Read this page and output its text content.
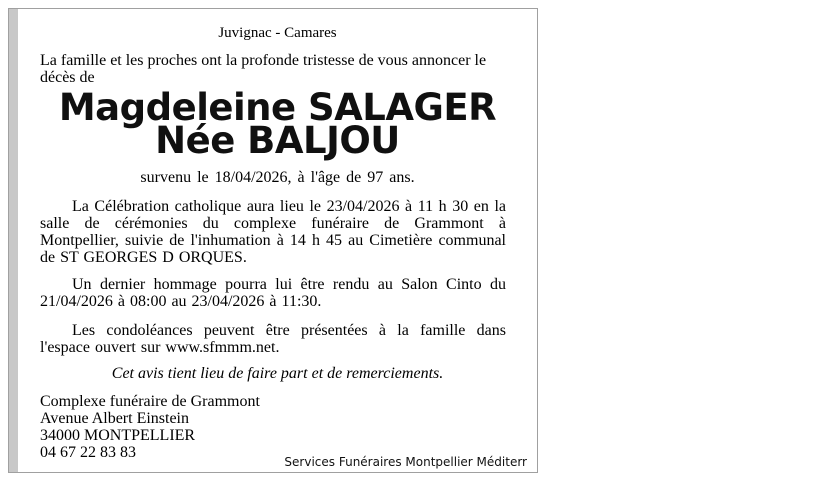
Juvignac - Camares
La famille et les proches ont la profonde tristesse de vous annoncer le décès de
Magdeleine SALAGER
Née BALJOU
survenu le 18/04/2026, à l'âge de 97 ans.
La Célébration catholique aura lieu le 23/04/2026 à 11 h 30 en la salle de cérémonies du complexe funéraire de Grammont à Montpellier, suivie de l'inhumation à 14 h 45 au Cimetière communal de ST GEORGES D ORQUES.
Un dernier hommage pourra lui être rendu au Salon Cinto du 21/04/2026 à 08:00 au 23/04/2026 à 11:30.
Les condoléances peuvent être présentées à la famille dans l'espace ouvert sur www.sfmmm.net.
Cet avis tient lieu de faire part et de remerciements.
Complexe funéraire de Grammont
Avenue Albert Einstein
34000 MONTPELLIER
04 67 22 83 83
Services Funéraires Montpellier Méditerr
